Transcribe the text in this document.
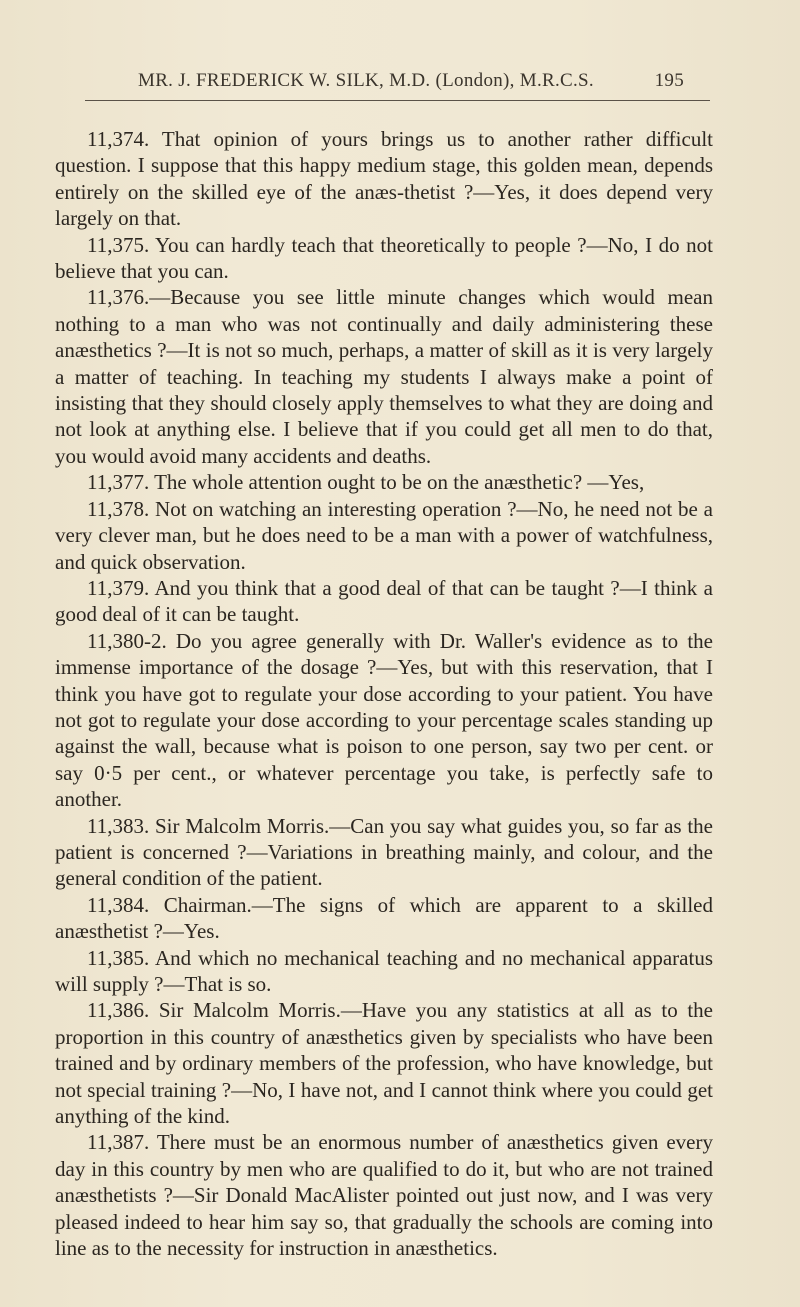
MR. J. FREDERICK W. SILK, M.D. (London), M.R.C.S.	195

11,374. That opinion of yours brings us to another rather difficult question. I suppose that this happy medium stage, this golden mean, depends entirely on the skilled eye of the anæs-thetist ?—Yes, it does depend very largely on that.

11,375. You can hardly teach that theoretically to people ?—No, I do not believe that you can.

11,376.—Because you see little minute changes which would mean nothing to a man who was not continually and daily administering these anæsthetics ?—It is not so much, perhaps, a matter of skill as it is very largely a matter of teaching. In teaching my students I always make a point of insisting that they should closely apply themselves to what they are doing and not look at anything else. I believe that if you could get all men to do that, you would avoid many accidents and deaths.

11,377. The whole attention ought to be on the anæsthetic? —Yes,

11,378. Not on watching an interesting operation ?—No, he need not be a very clever man, but he does need to be a man with a power of watchfulness, and quick observation.

11,379. And you think that a good deal of that can be taught ?—I think a good deal of it can be taught.

11,380-2. Do you agree generally with Dr. Waller's evidence as to the immense importance of the dosage ?—Yes, but with this reservation, that I think you have got to regulate your dose according to your patient. You have not got to regulate your dose according to your percentage scales standing up against the wall, because what is poison to one person, say two per cent. or say 0·5 per cent., or whatever percentage you take, is perfectly safe to another.

11,383. Sir Malcolm Morris.—Can you say what guides you, so far as the patient is concerned ?—Variations in breathing mainly, and colour, and the general condition of the patient.

11,384. Chairman.—The signs of which are apparent to a skilled anæsthetist ?—Yes.

11,385. And which no mechanical teaching and no mechanical apparatus will supply ?—That is so.

11,386. Sir Malcolm Morris.—Have you any statistics at all as to the proportion in this country of anæsthetics given by specialists who have been trained and by ordinary members of the profession, who have knowledge, but not special training ?—No, I have not, and I cannot think where you could get anything of the kind.

11,387. There must be an enormous number of anæsthetics given every day in this country by men who are qualified to do it, but who are not trained anæsthetists ?—Sir Donald MacAlister pointed out just now, and I was very pleased indeed to hear him say so, that gradually the schools are coming into line as to the necessity for instruction in anæsthetics.
